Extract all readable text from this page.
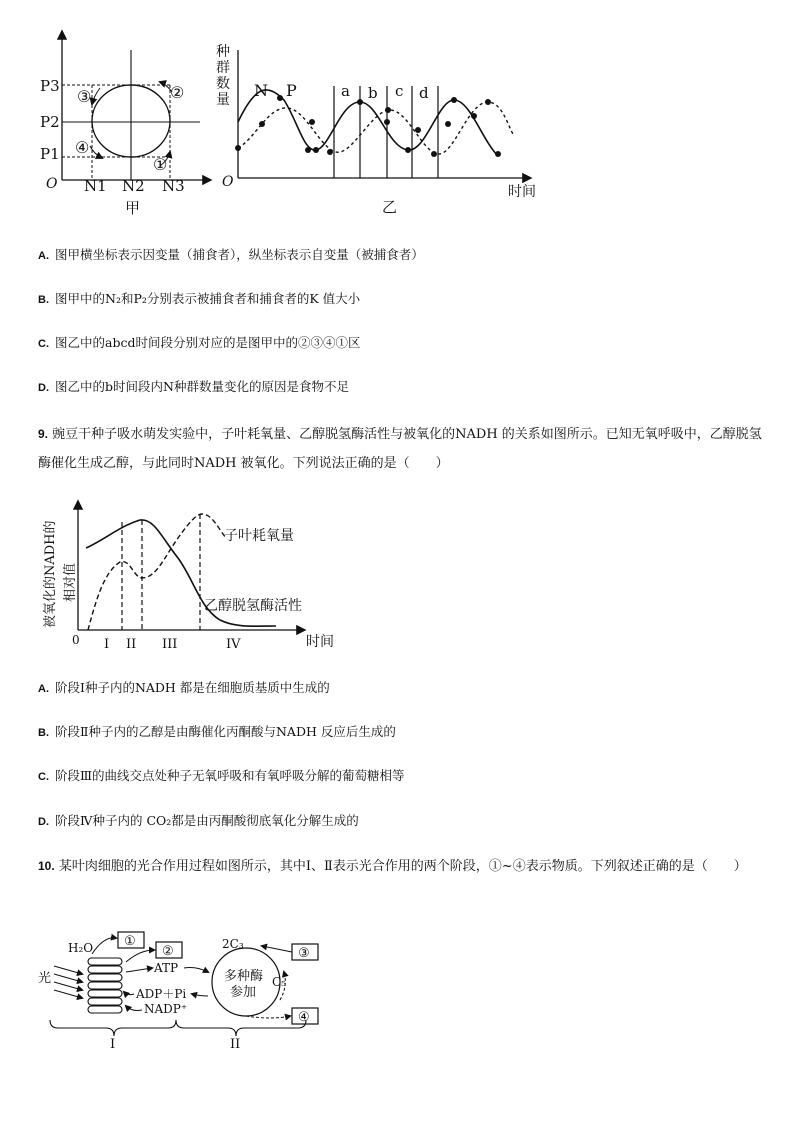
P3
P2
P1
O N1 N2 N3
③	②
④
①
甲
种
群
数
量 N P	a b c d
O
时间
乙
A. 图甲横坐标表示因变量（捕食者），纵坐标表示自变量（被捕食者）
B. 图甲中的N₂和P₂分别表示被捕食者和捕食者的K 值大小
C. 图乙中的abcd时间段分别对应的是图甲中的②③④①区
D. 图乙中的b时间段内N种群数量变化的原因是食物不足
9. 豌豆干种子吸水萌发实验中，子叶耗氧量、乙醇脱氢酶活性与被氧化的NADH 的关系如图所示。已知无氧呼吸中，乙醇脱氢酶催化生成乙醇，与此同时NADH 被氧化。下列说法正确的是（　　）
被氧化的NADH的 相对值
子叶耗氧量
乙醇脱氢酶活性
0 I II III	IV	时间
A. 阶段Ⅰ种子内的NADH 都是在细胞质基质中生成的
B. 阶段Ⅱ种子内的乙醇是由酶催化丙酮酸与NADH 反应后生成的
C. 阶段Ⅲ的曲线交点处种子无氧呼吸和有氧呼吸分解的葡萄糖相等
D. 阶段Ⅳ种子内的 CO₂都是由丙酮酸彻底氧化分解生成的
10. 某叶肉细胞的光合作用过程如图所示，其中Ⅰ、Ⅱ表示光合作用的两个阶段，①~④表示物质。下列叙述正确的是（　　）
H₂O
光
①
②
ATP
ADP＋Pi
NADP⁺
2C₃
C₅
多种酶
参加
③
④
I	II
